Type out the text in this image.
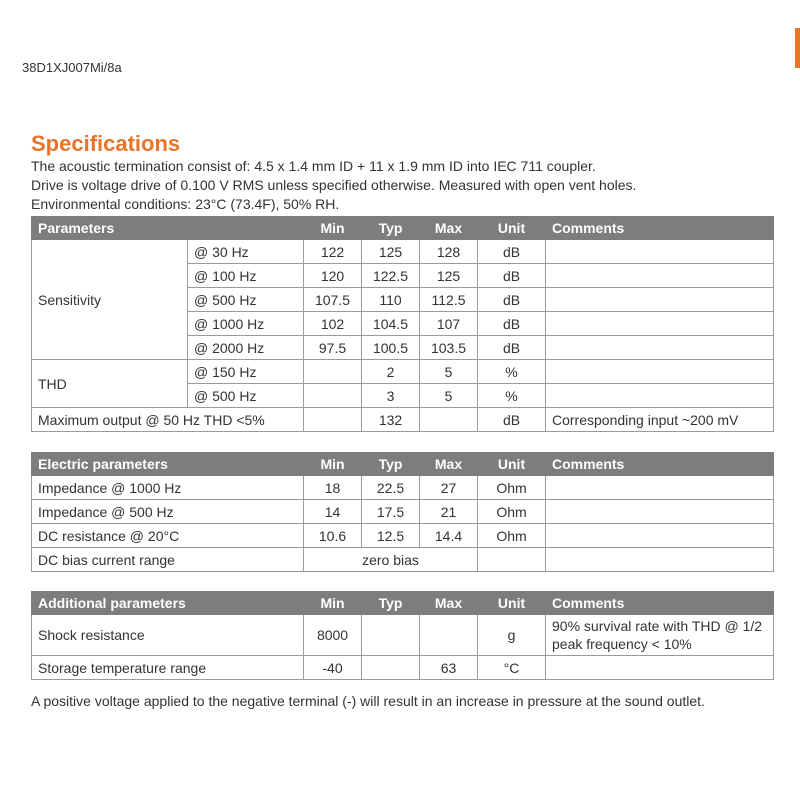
38D1XJ007Mi/8a
Specifications
The acoustic termination consist of: 4.5 x 1.4 mm ID + 11 x 1.9 mm ID into IEC 711 coupler.
Drive is voltage drive of 0.100 V RMS unless specified otherwise. Measured with open vent holes.
Environmental conditions: 23°C (73.4F), 50% RH.
Parameters		Min	Typ	Max	Unit	Comments
Sensitivity	@ 30 Hz	122	125	128	dB	
	@ 100 Hz	120	122.5	125	dB	
	@ 500 Hz	107.5	110	112.5	dB	
	@ 1000 Hz	102	104.5	107	dB	
	@ 2000 Hz	97.5	100.5	103.5	dB	
THD	@ 150 Hz		2	5	%	
	@ 500 Hz		3	5	%	
Maximum output @ 50 Hz THD <5%			132		dB	Corresponding input ~200 mV
Electric parameters	Min	Typ	Max	Unit	Comments
Impedance @ 1000 Hz	18	22.5	27	Ohm	
Impedance @ 500 Hz	14	17.5	21	Ohm	
DC resistance @ 20°C	10.6	12.5	14.4	Ohm	
DC bias current range	zero bias				
Additional parameters	Min	Typ	Max	Unit	Comments
Shock resistance	8000			g	90% survival rate with THD @ 1/2 peak frequency < 10%
Storage temperature range	-40		63	°C	
A positive voltage applied to the negative terminal (-) will result in an increase in pressure at the sound outlet.
